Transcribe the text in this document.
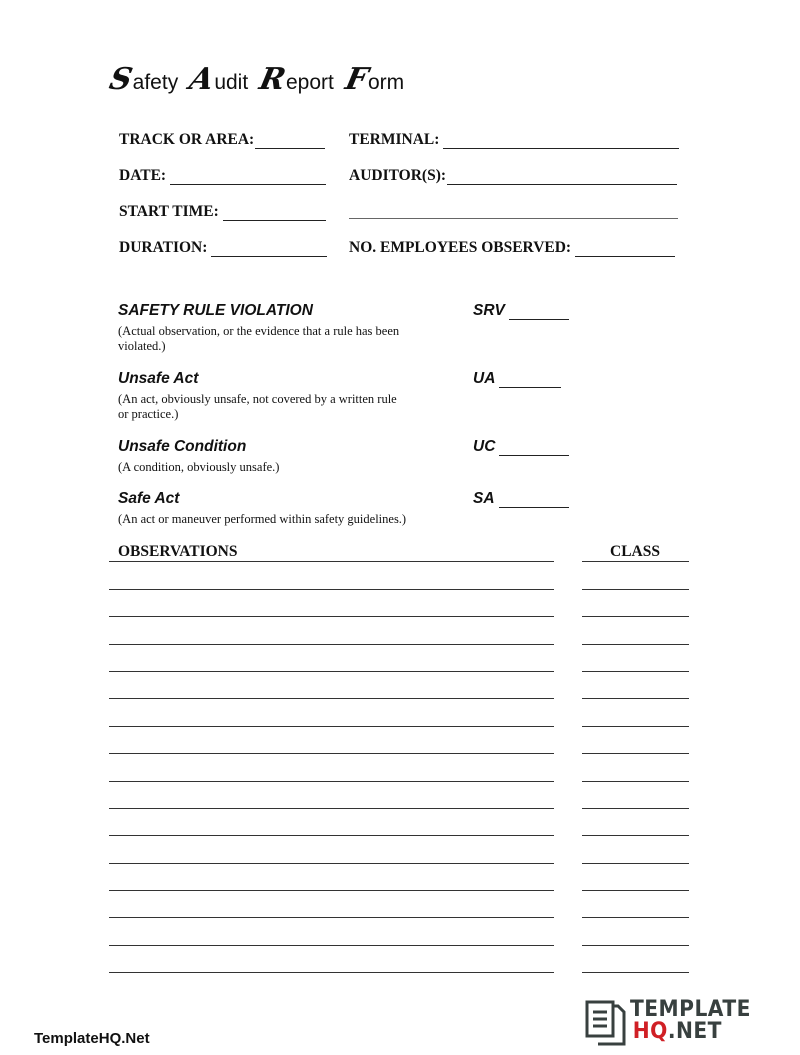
Safety Audit Report Form
TRACK OR AREA:	TERMINAL:
DATE:	AUDITOR(S):
START TIME:
DURATION:	NO. EMPLOYEES OBSERVED:
SAFETY RULE VIOLATION
(Actual observation, or the evidence that a rule has been violated.)
SRV
Unsafe Act
(An act, obviously unsafe, not covered by a written rule or practice.)
UA
Unsafe Condition
(A condition, obviously unsafe.)
UC
Safe Act
(An act or maneuver performed within safety guidelines.)
SA
OBSERVATIONS	CLASS
TemplateHQ.Net
TEMPLATE
HQ.NET
